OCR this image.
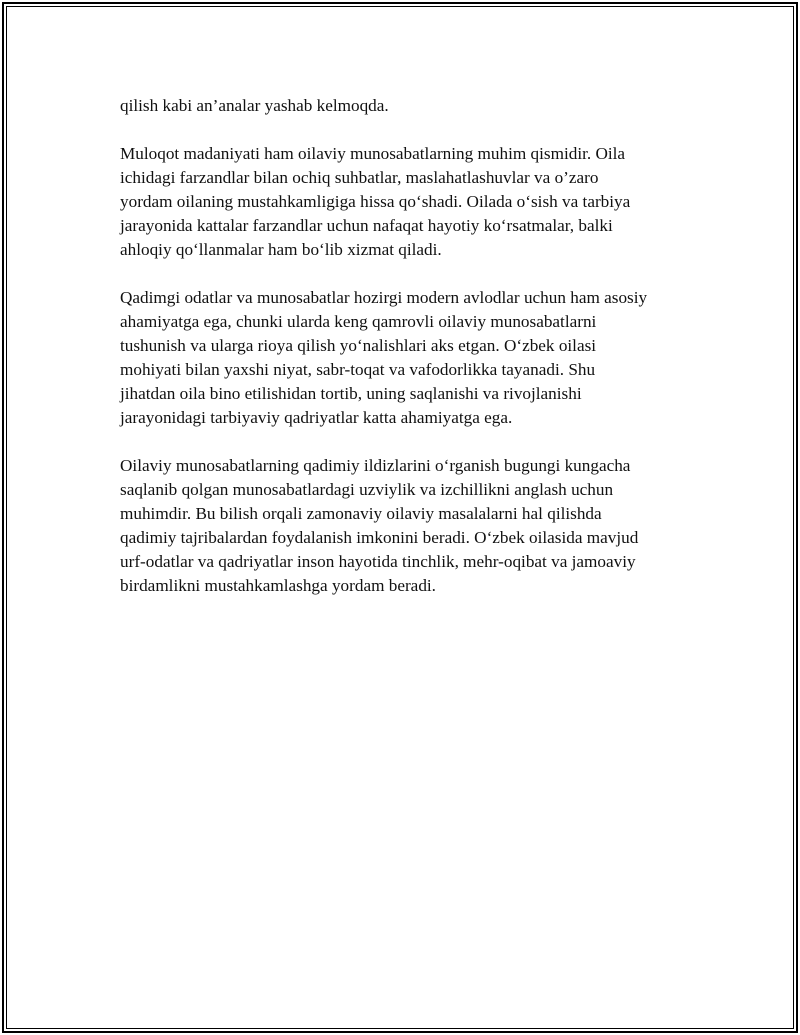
qilish kabi an’analar yashab kelmoqda.

Muloqot madaniyati ham oilaviy munosabatlarning muhim qismidir. Oila
ichidagi farzandlar bilan ochiq suhbatlar, maslahatlashuvlar va o’zaro
yordam oilaning mustahkamligiga hissa qo‘shadi. Oilada o‘sish va tarbiya
jarayonida kattalar farzandlar uchun nafaqat hayotiy ko‘rsatmalar, balki
ahloqiy qo‘llanmalar ham bo‘lib xizmat qiladi.

Qadimgi odatlar va munosabatlar hozirgi modern avlodlar uchun ham asosiy
ahamiyatga ega, chunki ularda keng qamrovli oilaviy munosabatlarni
tushunish va ularga rioya qilish yo‘nalishlari aks etgan. O‘zbek oilasi
mohiyati bilan yaxshi niyat, sabr-toqat va vafodorlikka tayanadi. Shu
jihatdan oila bino etilishidan tortib, uning saqlanishi va rivojlanishi
jarayonidagi tarbiyaviy qadriyatlar katta ahamiyatga ega.

Oilaviy munosabatlarning qadimiy ildizlarini o‘rganish bugungi kungacha
saqlanib qolgan munosabatlardagi uzviylik va izchillikni anglash uchun
muhimdir. Bu bilish orqali zamonaviy oilaviy masalalarni hal qilishda
qadimiy tajribalardan foydalanish imkonini beradi. O‘zbek oilasida mavjud
urf-odatlar va qadriyatlar inson hayotida tinchlik, mehr-oqibat va jamoaviy
birdamlikni mustahkamlashga yordam beradi.
